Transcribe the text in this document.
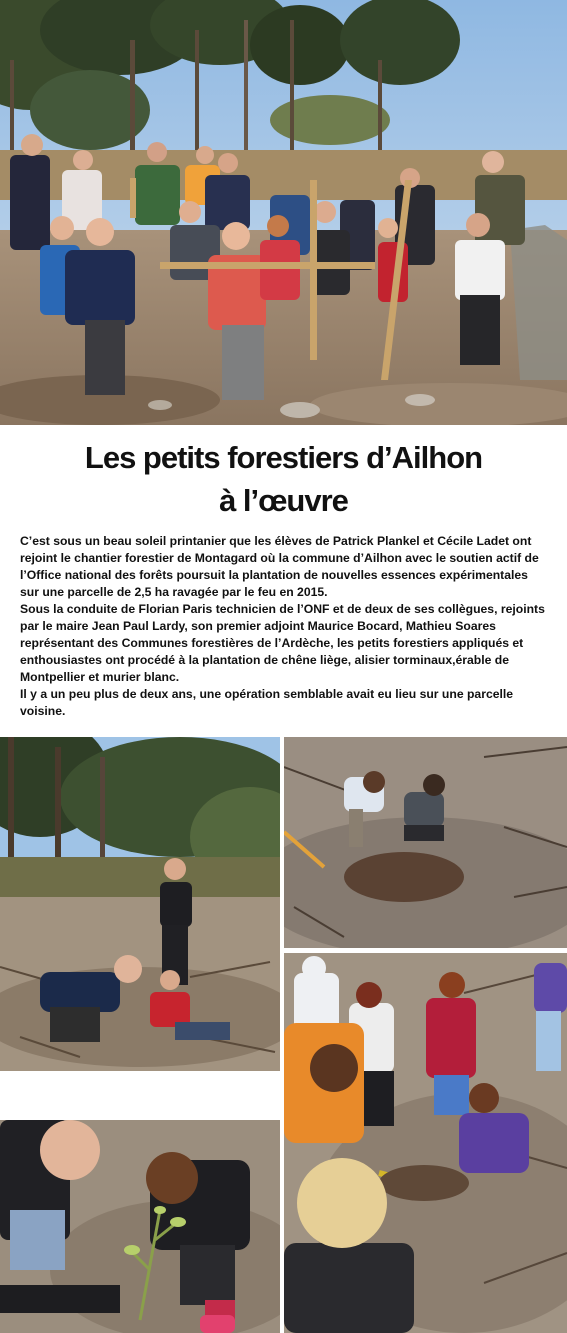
Les petits forestiers d’Ailhon
à l’œuvre

C’est sous un beau soleil printanier que les élèves de Patrick Plankel et Cécile Ladet ont rejoint le chantier forestier de Montagard où la commune d’Ailhon avec le soutien actif de l’Office national des forêts poursuit la plantation de nouvelles essences expérimentales sur une parcelle de 2,5 ha ravagée par le feu en 2015.

Sous la conduite de Florian Paris technicien de l’ONF et de deux de ses collègues, rejoints par le maire Jean Paul Lardy, son premier adjoint Maurice Bocard, Mathieu Soares représentant des Communes forestières de l’Ardèche, les petits forestiers appliqués et enthousiastes ont procédé à la plantation de chêne liège, alisier torminaux,érable de Montpellier et murier blanc.

Il y a un peu plus de deux ans, une opération semblable avait eu lieu sur une parcelle voisine.
